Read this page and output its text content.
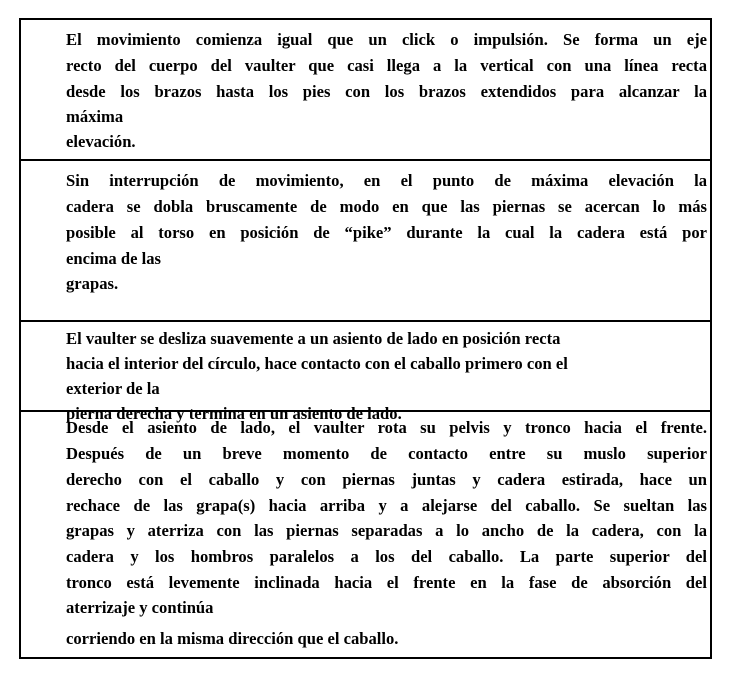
El movimiento comienza igual que un click o impulsión. Se forma un eje

recto del cuerpo del vaulter que casi llega a la vertical con una línea recta

desde los brazos hasta los pies con los brazos extendidos para alcanzar la

máxima

elevación.

Sin interrupción de movimiento, en el punto de máxima elevación la

cadera se dobla bruscamente de modo en que las piernas se acercan lo más

posible al torso en posición de “pike” durante la cual la cadera está por

encima de las

grapas.

El vaulter se desliza suavemente a un asiento de lado en posición recta

hacia el interior del círculo, hace contacto con el caballo primero con el

exterior de la

pierna derecha y termina en un asiento de lado.

Desde el asiento de lado, el vaulter rota su pelvis y tronco hacia el frente.

Después de un breve momento de contacto entre su muslo superior

derecho con el caballo y con piernas juntas y cadera estirada, hace un

rechace de las grapa(s) hacia arriba y a alejarse del caballo. Se sueltan las

grapas y aterriza con las piernas separadas a lo ancho de la cadera, con la

cadera y los hombros paralelos a los del caballo. La parte superior del

tronco está levemente inclinada hacia el frente en la fase de absorción del

aterrizaje y continúa

corriendo en la misma dirección que el caballo.
